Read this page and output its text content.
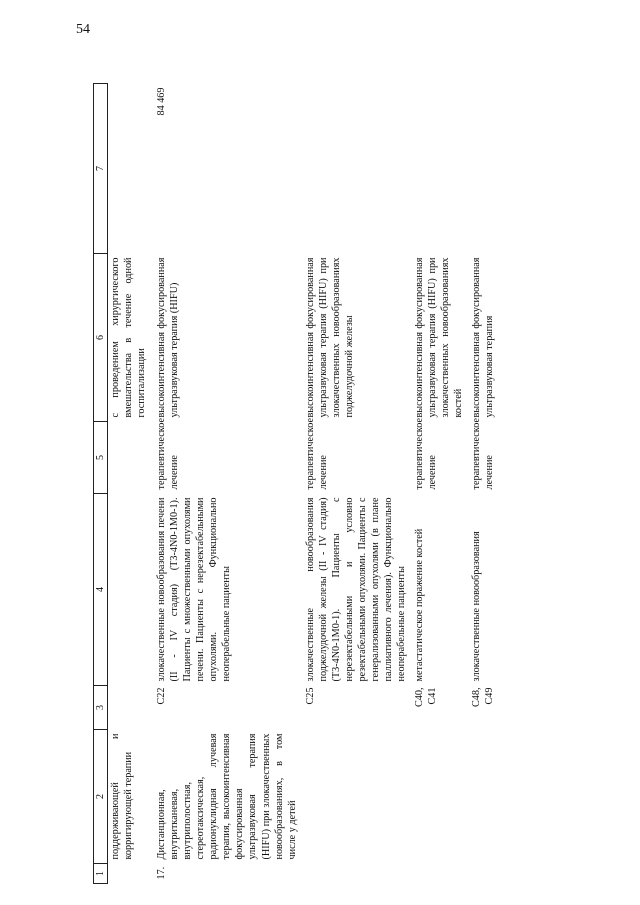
54
1	2	3	4	5	6	7
	поддерживающей и корригирующей терапии				с проведением хирургического вмешательства в течение одной госпитализации	
17.	Дистанционная, внутритканевая, внутриполостная, стереотаксическая, радионуклидная лучевая терапия, высокоинтенсивная фокусированная ультразвуковая терапия (HIFU) при злокачественных новообразованиях, в том числе у детей	C22	злокачественные новообразования печени (II - IV стадия) (T3-4N0-1M0-1). Пациенты с множественными опухолями печени. Пациенты с нерезектабельными опухолями. Функционально неоперабельные пациенты	терапевтическое лечение	высокоинтенсивная фокусированная ультразвуковая терапия (HIFU)	84 469
		C25	злокачественные новообразования поджелудочной железы (II - IV стадия) (T3-4N0-1M0-1). Пациенты с нерезектабельными и условно резектабельными опухолями. Пациенты с генерализованными опухолями (в плане паллиативного лечения). Функционально неоперабельные пациенты	терапевтическое лечение	высокоинтенсивная фокусированная ультразвуковая терапия (HIFU) при злокачественных новообразованиях поджелудочной железы	
		C40, C41	метастатическое поражение костей	терапевтическое лечение	высокоинтенсивная фокусированная ультразвуковая терапия (HIFU) при злокачественных новообразованиях костей	
		C48, C49	злокачественные новообразования	терапевтическое лечение	высокоинтенсивная фокусированная ультразвуковая терапия	
